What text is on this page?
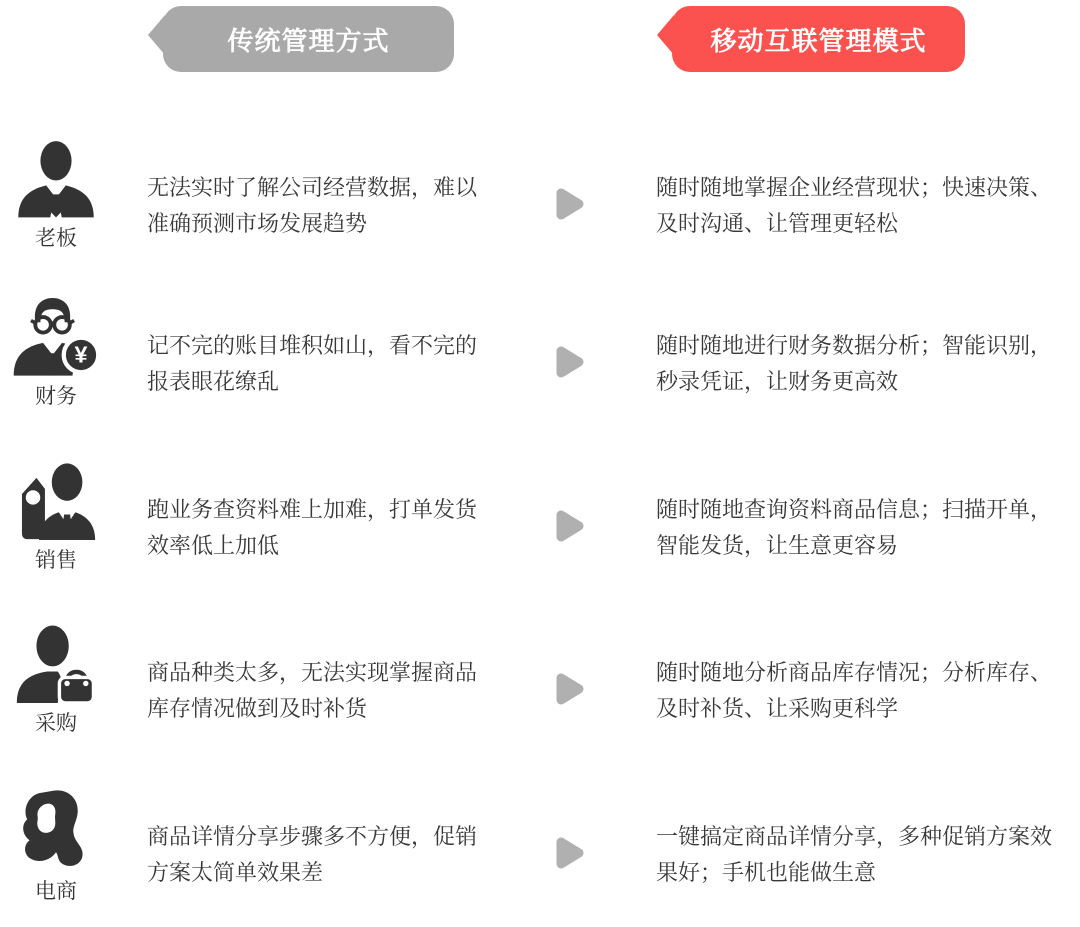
传统管理方式	移动互联管理模式
老板
无法实时了解公司经营数据，难以
准确预测市场发展趋势
随时随地掌握企业经营现状；快速决策、
及时沟通、让管理更轻松
¥
财务
记不完的账目堆积如山，看不完的
报表眼花缭乱
随时随地进行财务数据分析；智能识别，
秒录凭证，让财务更高效
销售
跑业务查资料难上加难，打单发货
效率低上加低
随时随地查询资料商品信息；扫描开单，
智能发货，让生意更容易
采购
商品种类太多，无法实现掌握商品
库存情况做到及时补货
随时随地分析商品库存情况；分析库存、
及时补货、让采购更科学
电商
商品详情分享步骤多不方便，促销
方案太简单效果差
一键搞定商品详情分享，多种促销方案效
果好；手机也能做生意
